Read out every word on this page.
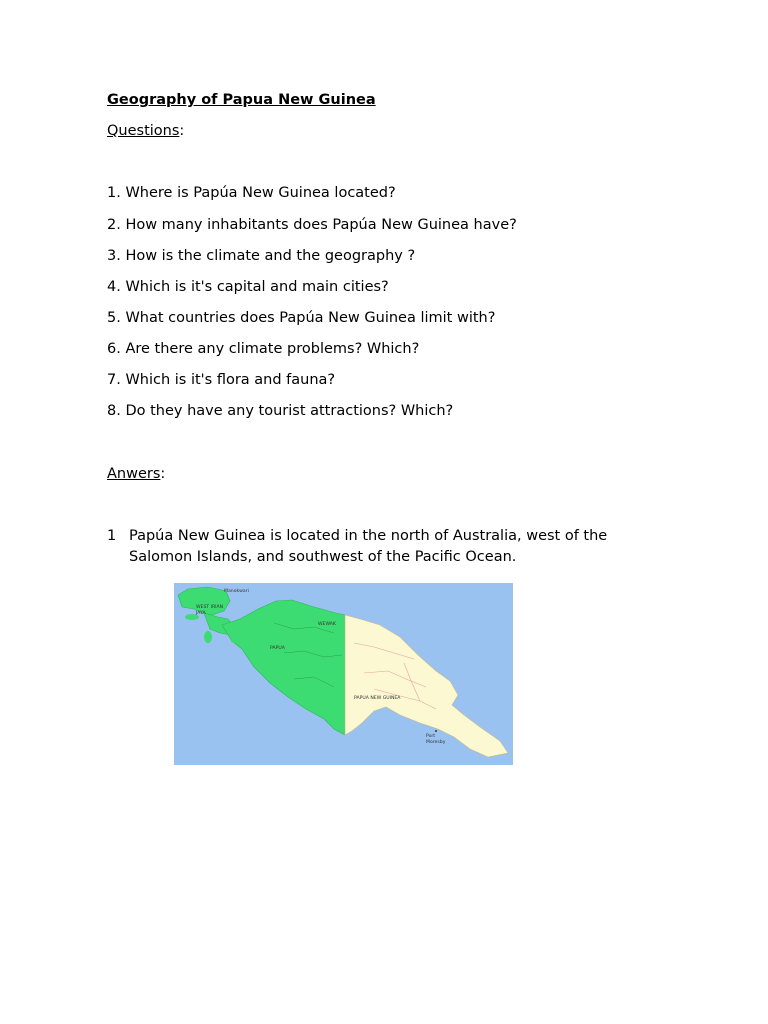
Geography of Papua New Guinea
Questions:
1. Where is Papúa New Guinea located?
2. How many inhabitants does Papúa New Guinea have?
3. How is the climate and the geography ?
4. Which is it's capital and main cities?
5. What countries does Papúa New Guinea limit with?
6. Are there any climate problems? Which?
7. Which is it's flora and fauna?
8. Do they have any tourist attractions? Which?
Anwers:
1 Papúa New Guinea is located in the north of Australia, west of the
Salomon Islands, and southwest of the Pacific Ocean.
Manokwari
WEST IRIAN
JAYA
PAPUA
WEWAK
PAPUA NEW GUINEA
Port
Moresby
